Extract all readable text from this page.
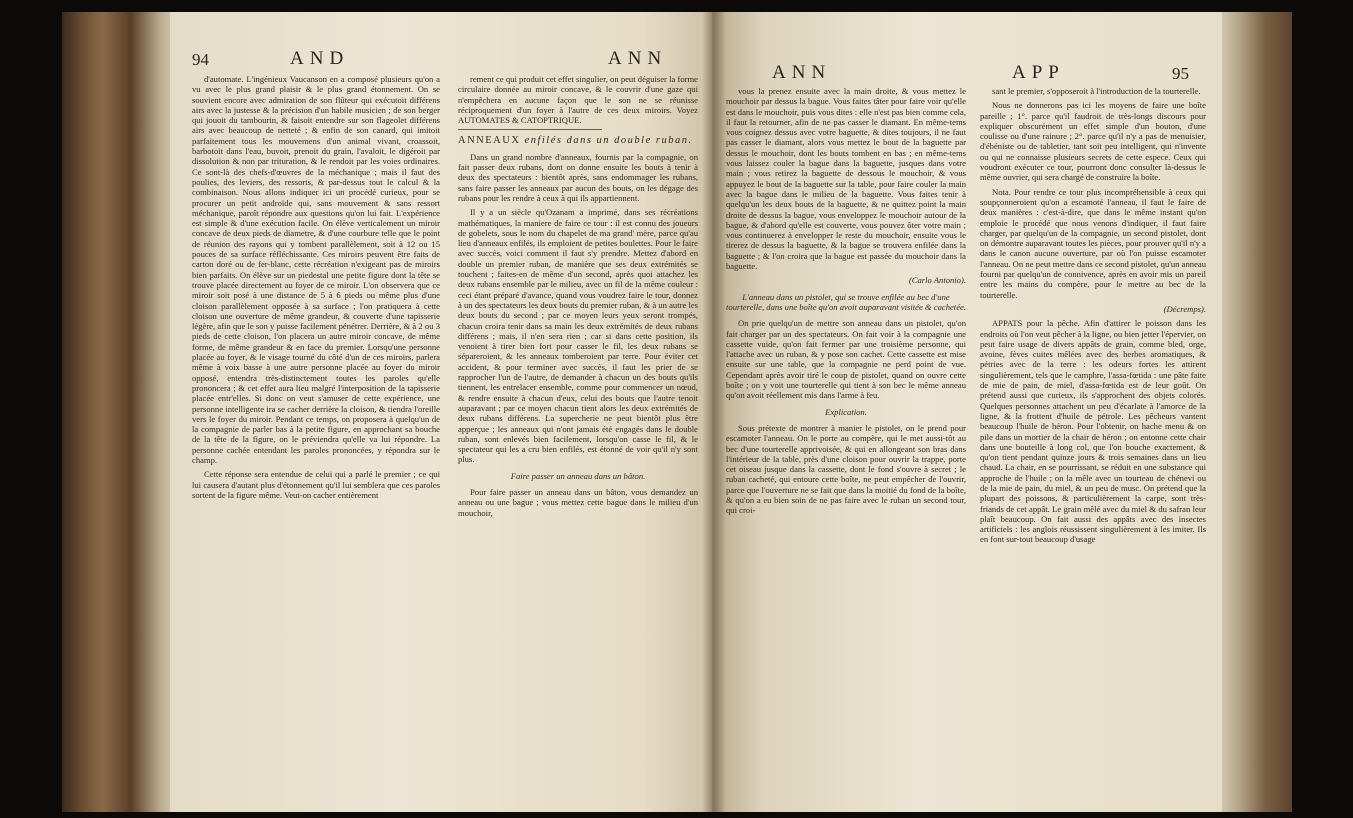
94	AND	ANN

d'automate. L'ingénieux Vaucanson en a composé plusieurs qu'on a vu avec le plus grand plaisir & le plus grand étonnement. On se souvient encore avec admiration de son flûteur qui exécutoit différens airs avec la justesse & la précision d'un habile musicien ; de son berger qui jouoit du tambourin, & faisoit entendre sur son flageolet différens airs avec beaucoup de netteté ; & enfin de son canard, qui imitoit parfaitement tous les mouvemens d'un animal vivant, croassoit, barbotoit dans l'eau, buvoit, prenoit du grain, l'avaloit, le digéroit par dissolution & non par trituration, & le rendoit par les voies ordinaires. Ce sont-là des chefs-d'œuvres de la méchanique ; mais il faut des poulies, des leviers, des ressorts, & par-dessus tout le calcul & la combinaison. Nous allons indiquer ici un procédé curieux, pour se procurer un petit androïde qui, sans mouvement & sans ressort méchanique, paroît répondre aux questions qu'on lui fait. L'expérience est simple & d'une exécution facile. On élève verticalement un miroir concave de deux pieds de diametre, & d'une courbure telle que le point de réunion des rayons qui y tombent parallèlement, soit à 12 ou 15 pouces de sa surface réfléchissante. Ces miroirs peuvent être faits de carton doré ou de fer-blanc, cette récréation n'exigeant pas de miroirs bien parfaits. On élève sur un piedestal une petite figure dont la tête se trouve placée directement au foyer de ce miroir. L'on observera que ce miroir soit posé à une distance de 5 à 6 pieds ou même plus d'une cloison parallèlement opposée à sa surface ; l'on pratiquera à cette cloison une ouverture de même grandeur, & couverte d'une tapisserie légère, afin que le son y puisse facilement pénétrer. Derrière, & à 2 ou 3 pieds de cette cloison, l'on placera un autre miroir concave, de même forme, de même grandeur & en face du premier. Lorsqu'une personne placée au foyer, & le visage tourné du côté d'un de ces miroirs, parlera même à voix basse à une autre personne placée au foyer du miroir opposé, entendra très-distinctement toutes les paroles qu'elle prononcera ; & cet effet aura lieu malgré l'interposition de la tapisserie placée entr'elles. Si donc on veut s'amuser de cette expérience, une personne intelligente ira se cacher derrière la cloison, & tiendra l'oreille vers le foyer du miroir. Pendant ce temps, on proposera à quelqu'un de la compagnie de parler bas à la petite figure, en approchant sa bouche de la tête de la figure, on le préviendra qu'elle va lui répondre. La personne cachée entendant les paroles prononcées, y répondra sur le champ.

Cette réponse sera entendue de celui qui a parlé le premier ; ce qui lui causera d'autant plus d'étonnement qu'il lui semblera que ces paroles sortent de la figure même. Veut-on cacher entièrement

rement ce qui produit cet effet singulier, on peut déguiser la forme circulaire donnée au miroir concave, & le couvrir d'une gaze qui n'empêchera en aucune façon que le son ne se réunisse réciproquement d'un foyer à l'autre de ces deux miroirs. Voyez AUTOMATES & CATOPTRIQUE.

ANNEAUX enfilés dans un double ruban.

Dans un grand nombre d'anneaux, fournis par la compagnie, on fait passer deux rubans, dont on donne ensuite les bouts à tenir à deux des spectateurs : bientôt après, sans endommager les rubans, sans faire passer les anneaux par aucun des bouts, on les dégage des rubans pour les rendre à ceux à qui ils appartiennent.

Il y a un siècle qu'Ozanam a imprimé, dans ses récréations mathématiques, la maniere de faire ce tour : il est connu des joueurs de gobelets, sous le nom du chapelet de ma grand' mère, parce qu'au lieu d'anneaux enfilés, ils emploient de petites boulettes. Pour le faire avec succès, voici comment il faut s'y prendre. Mettez d'abord en double un premier ruban, de manière que ses deux extrémités se touchent ; faites-en de même d'un second, après quoi attachez les deux rubans ensemble par le milieu, avec un fil de la même couleur : ceci étant préparé d'avance, quand vous voudrez faire le tour, donnez à un des spectateurs les deux bouts du premier ruban, & à un autre les deux bouts du second ; par ce moyen leurs yeux seront trompés, chacun croira tenir dans sa main les deux extrémités de deux rubans différens ; mais, il n'en sera rien ; car si dans cette position, ils venoient à tirer bien fort pour casser le fil, les deux rubans se sépareroient, & les anneaux tomberoient par terre. Pour éviter cet accident, & pour terminer avec succès, il faut les prier de se rapprocher l'un de l'autre, de demander à chacun un des bouts qu'ils tiennent, les entrelacer ensemble, comme pour commencer un nœud, & rendre ensuite à chacun d'eux, celui des bouts que l'autre tenoit auparavant ; par ce moyen chacun tient alors les deux extrémités de deux rubans différens. La supercherie ne peut bientôt plus être apperçue ; les anneaux qui n'ont jamais été engagés dans le double ruban, sont enlevés bien facilement, lorsqu'on casse le fil, & le spectateur qui les a cru bien enfilés, est étonné de voir qu'il n'y sont plus.

Faire passer un anneau dans un bâton.

Pour faire passer un anneau dans un bâton, vous demandez un anneau ou une bague ; vous mettez cette bague dans le milieu d'un mouchoir,

ANN	APP	95

vous la prenez ensuite avec la main droite, & vous mettez le mouchoir par dessus la bague. Vous faites tâter pour faire voir qu'elle est dans le mouchoir, puis vous dites : elle n'est pas bien comme cela, il faut la retourner, afin de ne pas casser le diamant. En même-tems vous coignez dessus avec votre baguette, & dites toujours, il ne faut pas casser le diamant, alors vous mettez le bout de la baguette par dessus le mouchoir, dont les bouts tombent en bas ; en même-tems vous laissez couler la bague dans la baguette, jusques dans votre main ; vous retirez la baguette de dessous le mouchoir, & vous appuyez le bout de la baguette sur la table, pour faire couler la main avec la bague dans le milieu de la baguette. Vous faites tenir à quelqu'un les deux bouts de la baguette, & ne quittez point la main droite de dessus la bague, vous enveloppez le mouchoir autour de la bague, & d'abord qu'elle est couverte, vous pouvez ôter votre main ; vous continuerez à envelopper le reste du mouchoir, ensuite vous le tirerez de dessus la baguette, & la bague se trouvera enfilée dans la baguette ; & l'on croira que la bague est passée du mouchoir dans la baguette.

(Carlo Antonio).

L'anneau dans un pistolet, qui se trouve enfilée au bec d'une tourterelle, dans une boîte qu'on avoit auparavant visitée & cachetée.

On prie quelqu'un de mettre son anneau dans un pistolet, qu'on fait charger par un des spectateurs. On fait voir à la compagnie une cassette vuide, qu'on fait fermer par une troisième personne, qui l'attache avec un ruban, & y pose son cachet. Cette cassette est mise ensuite sur une table, que la compagnie ne perd point de vue. Cependant après avoir tiré le coup de pistolet, quand on ouvre cette boîte ; on y voit une tourterelle qui tient à son bec le même anneau qu'on avoit réellement mis dans l'arme à feu.

Explication.

Sous prétexte de montrer à manier le pistolet, on le prend pour escamoter l'anneau. On le porte au compère, qui le met aussi-tôt au bec d'une tourterelle apprivoisée, & qui en allongeant son bras dans l'intérieur de la table, près d'une cloison pour ouvrir la trappe, porte cet oiseau jusque dans la cassette, dont le fond s'ouvre à secret ; le ruban cacheté, qui entoure cette boîte, ne peut empêcher de l'ouvrir, parce que l'ouverture ne se fait que dans la moitié du fond de la boîte, & qu'on a eu bien soin de ne pas faire avec le ruban un second tour, qui croi-

sant le premier, s'opposeroit à l'introduction de la tourterelle.

Nous ne donnerons pas ici les moyens de faire une boîte pareille ; 1°. parce qu'il faudroit de très-longs discours pour expliquer obscurément un effet simple d'un bouton, d'une coulisse ou d'une rainure ; 2°. parce qu'il n'y a pas de menuisier, d'ébéniste ou de tabletier, tant soit peu intelligent, qui n'invente ou qui ne connaisse plusieurs secrets de cette espece. Ceux qui voudront exécuter ce tour, pourront donc consulter là-dessus le même ouvrier, qui sera chargé de construire la boîte.

Nota. Pour rendre ce tour plus incompréhensible à ceux qui soupçonneroient qu'on a escamoté l'anneau, il faut le faire de deux manières : c'est-à-dire, que dans le même instant qu'on emploie le procédé que nous venons d'indiquer, il faut faire charger, par quelqu'un de la compagnie, un second pistolet, dont on démontre auparavant toutes les pièces, pour prouver qu'il n'y a dans le canon aucune ouverture, par où l'on puisse escamoter l'anneau. On ne peut mettre dans ce second pistolet, qu'un anneau fourni par quelqu'un de connivence, après en avoir mis un pareil entre les mains du compère, pour le mettre au bec de la tourterelle.

(Décremps).

APPATS pour la pêche. Afin d'attirer le poisson dans les endroits où l'on veut pêcher à la ligne, ou bien jetter l'épervier, on peut faire usage de divers appâts de grain, comme bled, orge, avoine, fèves cuites mêlées avec des herbes aromatiques, & pétries avec de la terre : les odeurs fortes les attirent singulièrement, tels que le camphre, l'assa-fœtida : une pâte faite de mie de pain, de miel, d'assa-fœtida est de leur goût. On prétend aussi que curieux, ils s'approchent des objets colorés. Quelques personnes attachent un peu d'écarlate à l'amorce de la ligne, & la frottent d'huile de pétrole. Les pêcheurs vantent beaucoup l'huile de héron. Pour l'obtenir, on hache menu & on pile dans un mortier de la chair de héron ; on entonne cette chair dans une bouteille à long col, que l'on bouche exactement, & qu'on tient pendant quinze jours & trois semaines dans un lieu chaud. La chair, en se pourrissant, se réduit en une substance qui approche de l'huile ; on la mêle avec un tourteau de chénevi ou de la mie de pain, du miel, & un peu de musc. On prétend que la plupart des poissons, & particulièrement la carpe, sont très-friands de cet appât. Le grain mêlé avec du miel & du safran leur plaît beaucoup. On fait aussi des appâts avec des insectes artificiels : les anglois réussissent singulièrement à les imiter. Ils en font sur-tout beaucoup d'usage
